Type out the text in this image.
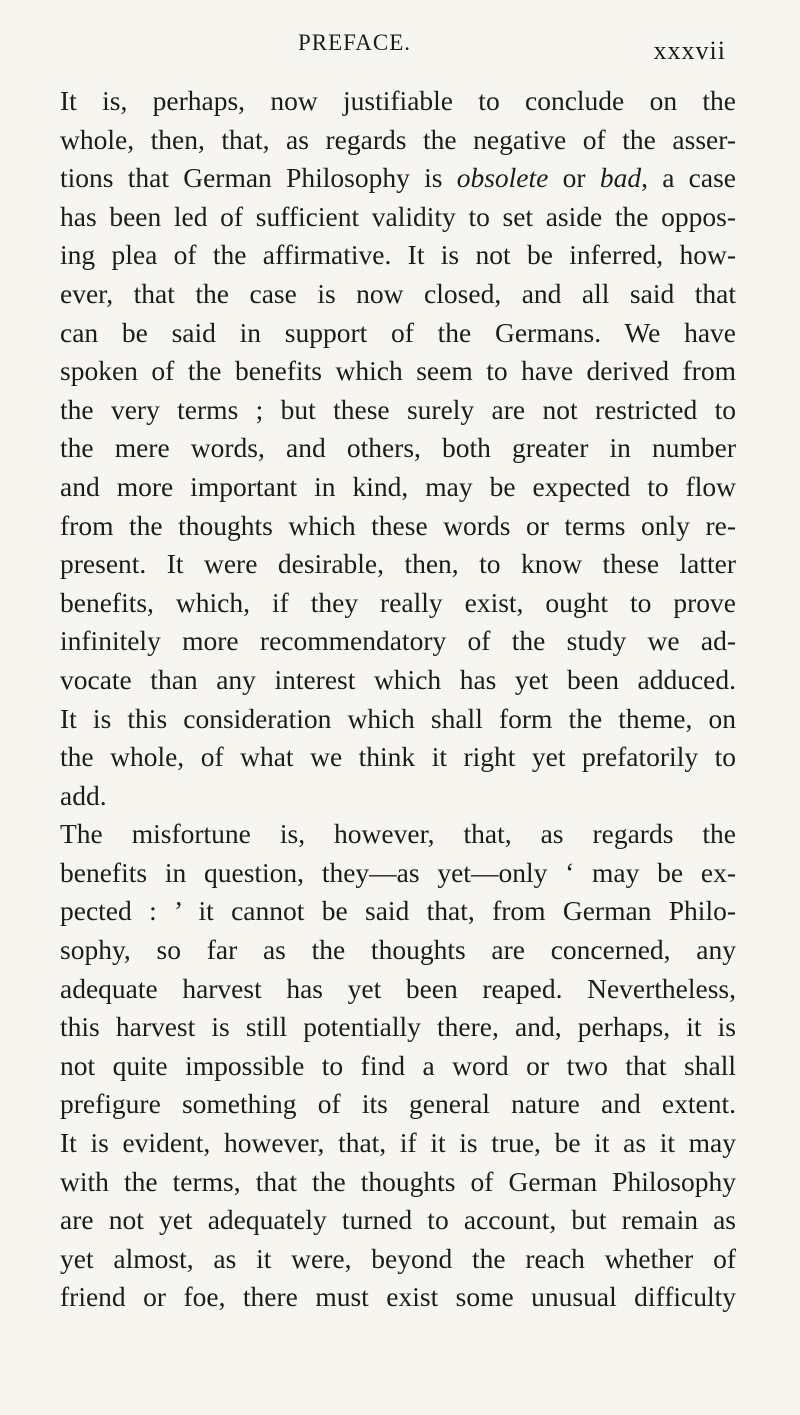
PREFACE.	xxxvii
It is, perhaps, now justifiable to conclude on the
whole, then, that, as regards the negative of the asser-
tions that German Philosophy is obsolete or bad, a case
has been led of sufficient validity to set aside the oppos-
ing plea of the affirmative. It is not be inferred, how-
ever, that the case is now closed, and all said that
can be said in support of the Germans. We have
spoken of the benefits which seem to have derived from
the very terms ; but these surely are not restricted to
the mere words, and others, both greater in number
and more important in kind, may be expected to flow
from the thoughts which these words or terms only re-
present. It were desirable, then, to know these latter
benefits, which, if they really exist, ought to prove
infinitely more recommendatory of the study we ad-
vocate than any interest which has yet been adduced.
It is this consideration which shall form the theme, on
the whole, of what we think it right yet prefatorily to
add.
The misfortune is, however, that, as regards the
benefits in question, they—as yet—only ‘ may be ex-
pected : ’ it cannot be said that, from German Philo-
sophy, so far as the thoughts are concerned, any
adequate harvest has yet been reaped. Nevertheless,
this harvest is still potentially there, and, perhaps, it is
not quite impossible to find a word or two that shall
prefigure something of its general nature and extent.
It is evident, however, that, if it is true, be it as it may
with the terms, that the thoughts of German Philosophy
are not yet adequately turned to account, but remain as
yet almost, as it were, beyond the reach whether of
friend or foe, there must exist some unusual difficulty
